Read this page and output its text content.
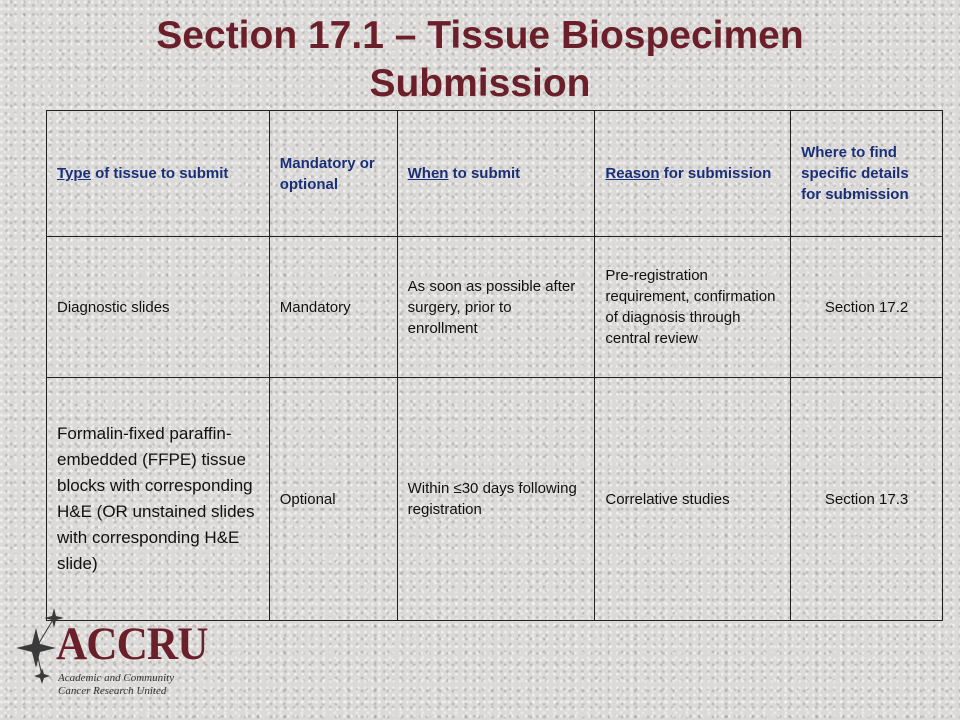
Section 17.1 – Tissue Biospecimen
Submission
Type of tissue to submit	Mandatory or optional	When to submit	Reason for submission	Where to find specific details for submission
Diagnostic slides	Mandatory	As soon as possible after surgery, prior to enrollment	Pre-registration requirement, confirmation of diagnosis through central review	Section 17.2
Formalin-fixed paraffin-embedded (FFPE) tissue blocks with corresponding H&E (OR unstained slides with corresponding H&E slide)	Optional	Within ≤30 days following registration	Correlative studies	Section 17.3
ACCRU
Academic and Community
Cancer Research United
